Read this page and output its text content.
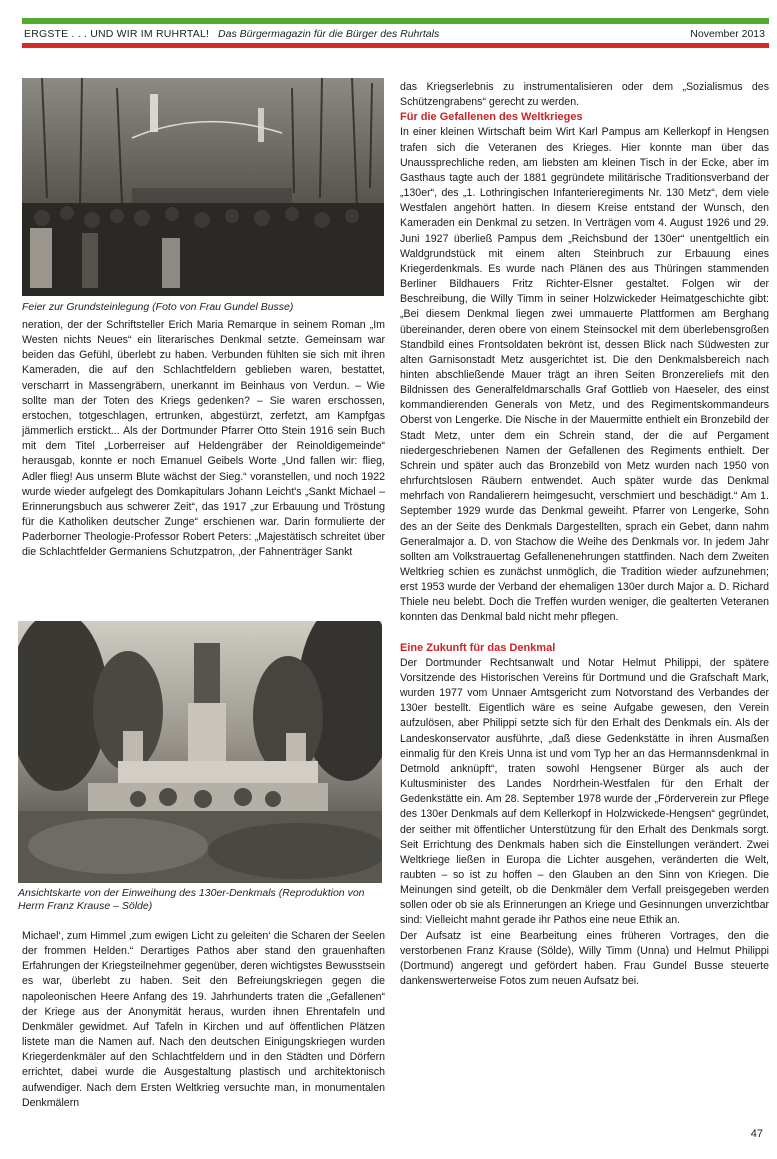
ERGSTE . . . UND WIR IM RUHRTAL! Das Bürgermagazin für die Bürger des Ruhrtals	November 2013
Feier zur Grundsteinlegung (Foto von Frau Gundel Busse)

neration, der der Schriftsteller Erich Maria Remarque in seinem Roman „Im Westen nichts Neues“ ein literarisches Denkmal setzte. Gemeinsam war beiden das Gefühl, überlebt zu haben. Verbunden fühlten sie sich mit ihren Kameraden, die auf den Schlachtfeldern geblieben waren, bestattet, verscharrt in Massengräbern, unerkannt im Beinhaus von Verdun. – Wie sollte man der Toten des Kriegs gedenken? – Sie waren erschossen, erstochen, totgeschlagen, ertrunken, abgestürzt, zerfetzt, am Kampfgas jämmerlich erstickt... Als der Dortmunder Pfarrer Otto Stein 1916 sein Buch mit dem Titel „Lorberreiser auf Heldengräber der Reinoldigemeinde“ herausgab, konnte er noch Emanuel Geibels Worte „Und fallen wir: flieg, Adler flieg! Aus unserm Blute wächst der Sieg.“ voranstellen, und noch 1922 wurde wieder aufgelegt des Domkapitulars Johann Leicht's „Sankt Michael – Erinnerungsbuch aus schwerer Zeit“, das 1917 „zur Erbauung und Tröstung für die Katholiken deutscher Zunge“ erschienen war. Darin formulierte der Paderborner Theologie-Professor Robert Peters: „Majestätisch schreitet über die Schlachtfelder Germaniens Schutzpatron, ‚der Fahnenträger Sankt

Ansichtskarte von der Einweihung des 130er-Denkmals (Reproduktion von Herrn Franz Krause – Sölde)

Michael‘, zum Himmel ‚zum ewigen Licht zu geleiten‘ die Scharen der Seelen der frommen Helden.“ Derartiges Pathos aber stand den grauenhaften Erfahrungen der Kriegsteilnehmer gegenüber, deren wichtigstes Bewusstsein es war, überlebt zu haben. Seit den Befreiungskriegen gegen die napoleonischen Heere Anfang des 19. Jahrhunderts traten die „Gefallenen“ der Kriege aus der Anonymität heraus, wurden ihnen Ehrentafeln und Denkmäler gewidmet. Auf Tafeln in Kirchen und auf öffentlichen Plätzen listete man die Namen auf. Nach den deutschen Einigungskriegen wurden Kriegerdenkmäler auf den Schlachtfeldern und in den Städten und Dörfern errichtet, dabei wurde die Ausgestaltung plastisch und architektonisch aufwendiger. Nach dem Ersten Weltkrieg versuchte man, in monumentalen Denkmälern

das Kriegserlebnis zu instrumentalisieren oder dem „Sozialismus des Schützengrabens“ gerecht zu werden.

Für die Gefallenen des Weltkrieges

In einer kleinen Wirtschaft beim Wirt Karl Pampus am Kellerkopf in Hengsen trafen sich die Veteranen des Krieges. Hier konnte man über das Unaussprechliche reden, am liebsten am kleinen Tisch in der Ecke, aber im Gasthaus tagte auch der 1881 gegründete militärische Traditionsverband der „130er“, des „1. Lothringischen Infanterieregiments Nr. 130 Metz“, dem viele Westfalen angehört hatten. In diesem Kreise entstand der Wunsch, den Kameraden ein Denkmal zu setzen. In Verträgen vom 4. August 1926 und 29. Juni 1927 überließ Pampus dem „Reichsbund der 130er“ unentgeltlich ein Waldgrundstück mit einem alten Steinbruch zur Erbauung eines Kriegerdenkmals. Es wurde nach Plänen des aus Thüringen stammenden Berliner Bildhauers Fritz Richter-Elsner gestaltet. Folgen wir der Beschreibung, die Willy Timm in seiner Holzwickeder Heimatgeschichte gibt: „Bei diesem Denkmal liegen zwei ummauerte Plattformen am Berghang übereinander, deren obere von einem Steinsockel mit dem überlebensgroßen Standbild eines Frontsoldaten bekrönt ist, dessen Blick nach Südwesten zur alten Garnisonstadt Metz ausgerichtet ist. Die den Denkmalsbereich nach hinten abschließende Mauer trägt an ihren Seiten Bronzereliefs mit den Bildnissen des Generalfeldmarschalls Graf Gottlieb von Haeseler, des einst kommandierenden Generals von Metz, und des Regimentskommandeurs Oberst von Lengerke. Die Nische in der Mauermitte enthielt ein Bronzebild der Stadt Metz, unter dem ein Schrein stand, der die auf Pergament niedergeschriebenen Namen der Gefallenen des Regiments enthielt. Der Schrein und später auch das Bronzebild von Metz wurden nach 1950 von ehrfurchtslosen Räubern entwendet. Auch später wurde das Denkmal mehrfach von Randalierern heimgesucht, verschmiert und beschädigt.“ Am 1. September 1929 wurde das Denkmal geweiht. Pfarrer von Lengerke, Sohn des an der Seite des Denkmals Dargestellten, sprach ein Gebet, dann nahm Generalmajor a. D. von Stachow die Weihe des Denkmals vor. In jedem Jahr sollten am Volkstrauertag Gefallenenehrungen stattfinden. Nach dem Zweiten Weltkrieg schien es zunächst unmöglich, die Tradition wieder aufzunehmen; erst 1953 wurde der Verband der ehemaligen 130er durch Major a. D. Richard Thiele neu belebt. Doch die Treffen wurden weniger, die gealterten Veteranen konnten das Denkmal bald nicht mehr pflegen.

Eine Zukunft für das Denkmal

Der Dortmunder Rechtsanwalt und Notar Helmut Philippi, der spätere Vorsitzende des Historischen Vereins für Dortmund und die Grafschaft Mark, wurden 1977 vom Unnaer Amtsgericht zum Notvorstand des Verbandes der 130er bestellt. Eigentlich wäre es seine Aufgabe gewesen, den Verein aufzulösen, aber Philippi setzte sich für den Erhalt des Denkmals ein. Als der Landeskonservator ausführte, „daß diese Gedenkstätte in ihren Ausmaßen einmalig für den Kreis Unna ist und vom Typ her an das Hermannsdenkmal in Detmold anknüpft“, traten sowohl Hengsener Bürger als auch der Kultusminister des Landes Nordrhein-Westfalen für den Erhalt der Gedenkstätte ein. Am 28. September 1978 wurde der „Förderverein zur Pflege des 130er Denkmals auf dem Kellerkopf in Holzwickede-Hengsen“ gegründet, der seither mit öffentlicher Unterstützung für den Erhalt des Denkmals sorgt. Seit Errichtung des Denkmals haben sich die Einstellungen verändert. Zwei Weltkriege ließen in Europa die Lichter ausgehen, veränderten die Welt, raubten – so ist zu hoffen – den Glauben an den Sinn von Kriegen. Die Meinungen sind geteilt, ob die Denkmäler dem Verfall preisgegeben werden sollen oder ob sie als Erinnerungen an Kriege und Gesinnungen unverzichtbar sind: Vielleicht mahnt gerade ihr Pathos eine neue Ethik an.

Der Aufsatz ist eine Bearbeitung eines früheren Vortrages, den die verstorbenen Franz Krause (Sölde), Willy Timm (Unna) und Helmut Philippi (Dortmund) angeregt und gefördert haben. Frau Gundel Busse steuerte dankenswerterweise Fotos zum neuen Aufsatz bei.

47
